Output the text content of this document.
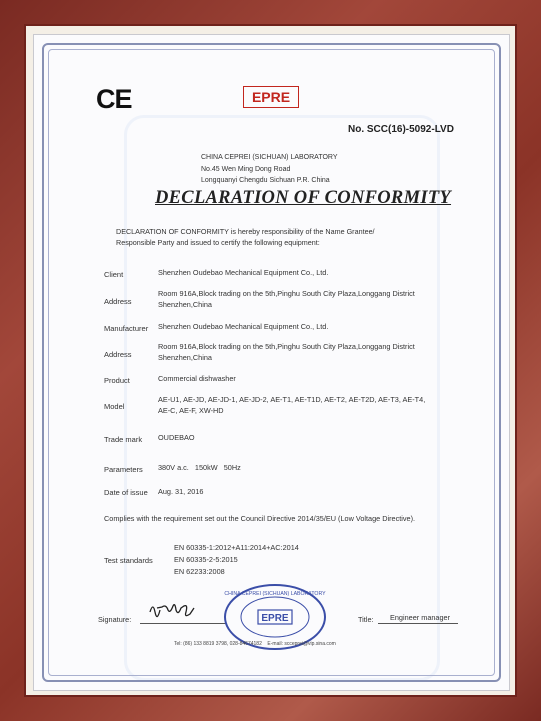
CE	EPRE
No. SCC(16)-5092-LVD
CHINA CEPREI (SICHUAN) LABORATORY
No.45 Wen Ming Dong Road
Longquanyi Chengdu Sichuan P.R. China
DECLARATION OF CONFORMITY
DECLARATION OF CONFORMITY is hereby responsibility of the Name Grantee/
Responsible Party and issued to certify the following equipment:
Client	Shenzhen Oudebao Mechanical Equipment Co., Ltd.
Address
Room 916A,Block trading on the 5th,Pinghu South City Plaza,Longgang District
Shenzhen,China
Manufacturer Shenzhen Oudebao Mechanical Equipment Co., Ltd.
Address
Room 916A,Block trading on the 5th,Pinghu South City Plaza,Longgang District
Shenzhen,China
Product	Commercial dishwasher
Model
AE-U1, AE-JD, AE-JD-1, AE-JD-2, AE-T1, AE-T1D, AE-T2, AE-T2D, AE-T3, AE-T4,
AE-C, AE-F, XW-HD
Trade mark OUDEBAO
Parameters 380V a.c.   150kW   50Hz
Date of issue Aug. 31, 2016
Complies with the requirement set out the Council Directive 2014/35/EU (Low Voltage Directive).
Test standards
EN 60335-1:2012+A11:2014+AC:2014
EN 60335-2-5:2015
EN 62233:2008
Signature:	EPRE
CHINA CEPREI (SICHUAN) LABORATORY
Title: Engineer manager
Tel: (86) 133 8819 3798, 028-84674182    E-mail: scceprei@vip.sina.com
